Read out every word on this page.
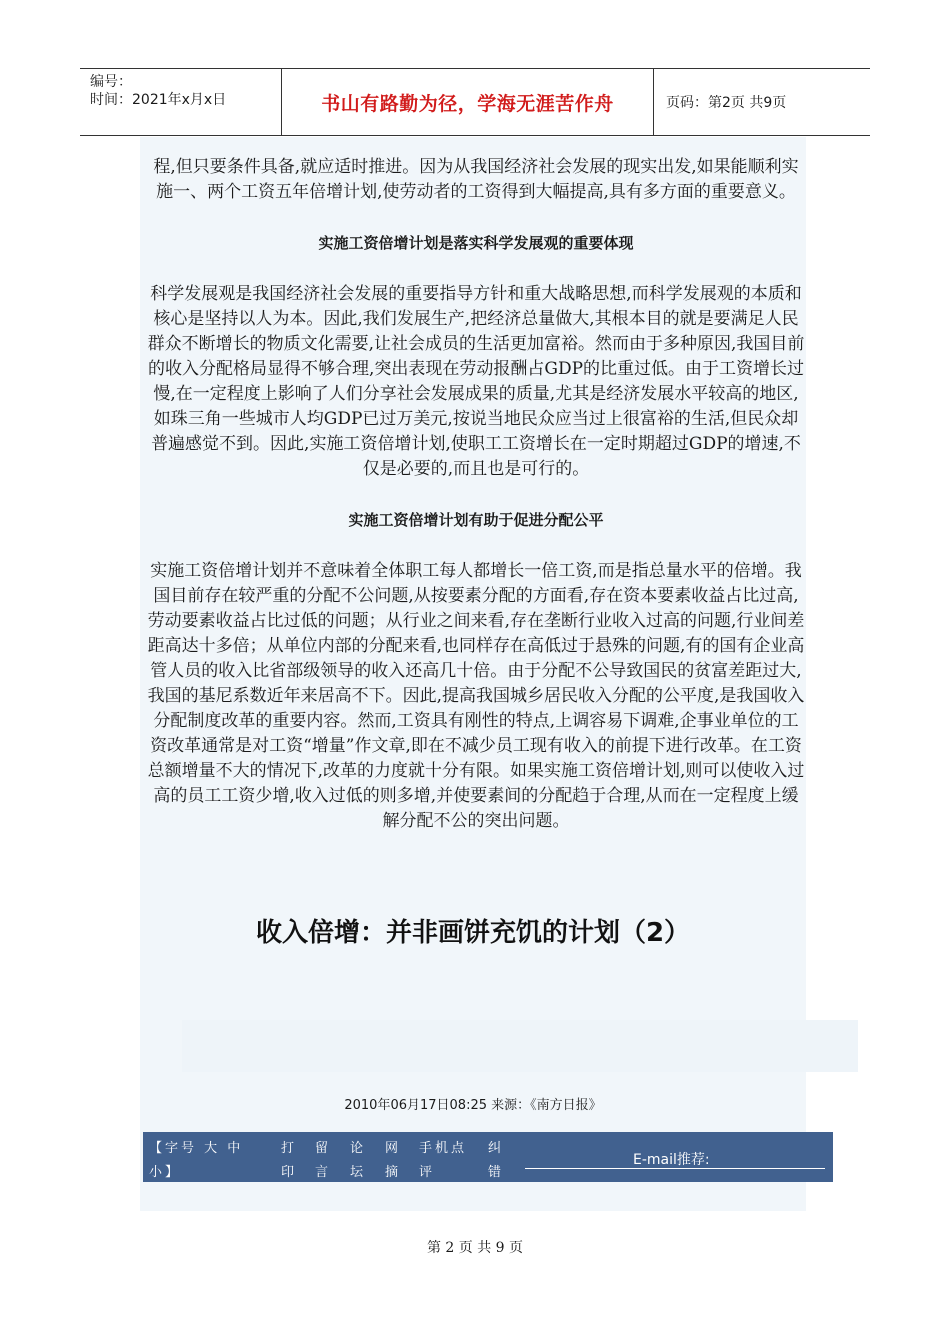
编号：
时间：2021年x月x日	书山有路勤为径，学海无涯苦作舟	页码：第2页 共9页

程,但只要条件具备,就应适时推进。因为从我国经济社会发展的现实出发,如果能顺利实施一、两个工资五年倍增计划,使劳动者的工资得到大幅提高,具有多方面的重要意义。

实施工资倍增计划是落实科学发展观的重要体现

科学发展观是我国经济社会发展的重要指导方针和重大战略思想,而科学发展观的本质和核心是坚持以人为本。因此,我们发展生产,把经济总量做大,其根本目的就是要满足人民群众不断增长的物质文化需要,让社会成员的生活更加富裕。然而由于多种原因,我国目前的收入分配格局显得不够合理,突出表现在劳动报酬占GDP的比重过低。由于工资增长过慢,在一定程度上影响了人们分享社会发展成果的质量,尤其是经济发展水平较高的地区,如珠三角一些城市人均GDP已过万美元,按说当地民众应当过上很富裕的生活,但民众却普遍感觉不到。因此,实施工资倍增计划,使职工工资增长在一定时期超过GDP的增速,不仅是必要的,而且也是可行的。

实施工资倍增计划有助于促进分配公平

实施工资倍增计划并不意味着全体职工每人都增长一倍工资,而是指总量水平的倍增。我国目前存在较严重的分配不公问题,从按要素分配的方面看,存在资本要素收益占比过高,劳动要素收益占比过低的问题；从行业之间来看,存在垄断行业收入过高的问题,行业间差距高达十多倍；从单位内部的分配来看,也同样存在高低过于悬殊的问题,有的国有企业高管人员的收入比省部级领导的收入还高几十倍。由于分配不公导致国民的贫富差距过大,我国的基尼系数近年来居高不下。因此,提高我国城乡居民收入分配的公平度,是我国收入分配制度改革的重要内容。然而,工资具有刚性的特点,上调容易下调难,企事业单位的工资改革通常是对工资“增量”作文章,即在不减少员工现有收入的前提下进行改革。在工资总额增量不大的情况下,改革的力度就十分有限。如果实施工资倍增计划,则可以使收入过高的员工工资少增,收入过低的则多增,并使要素间的分配趋于合理,从而在一定程度上缓解分配不公的突出问题。

收入倍增：并非画饼充饥的计划（2）
2010年06月17日08:25 来源：《南方日报》
【字号 大 中
小】
打
印
留
言
论
坛
网
摘
手机点
评
纠
错
E-mail推荐:
第 2 页 共 9 页
